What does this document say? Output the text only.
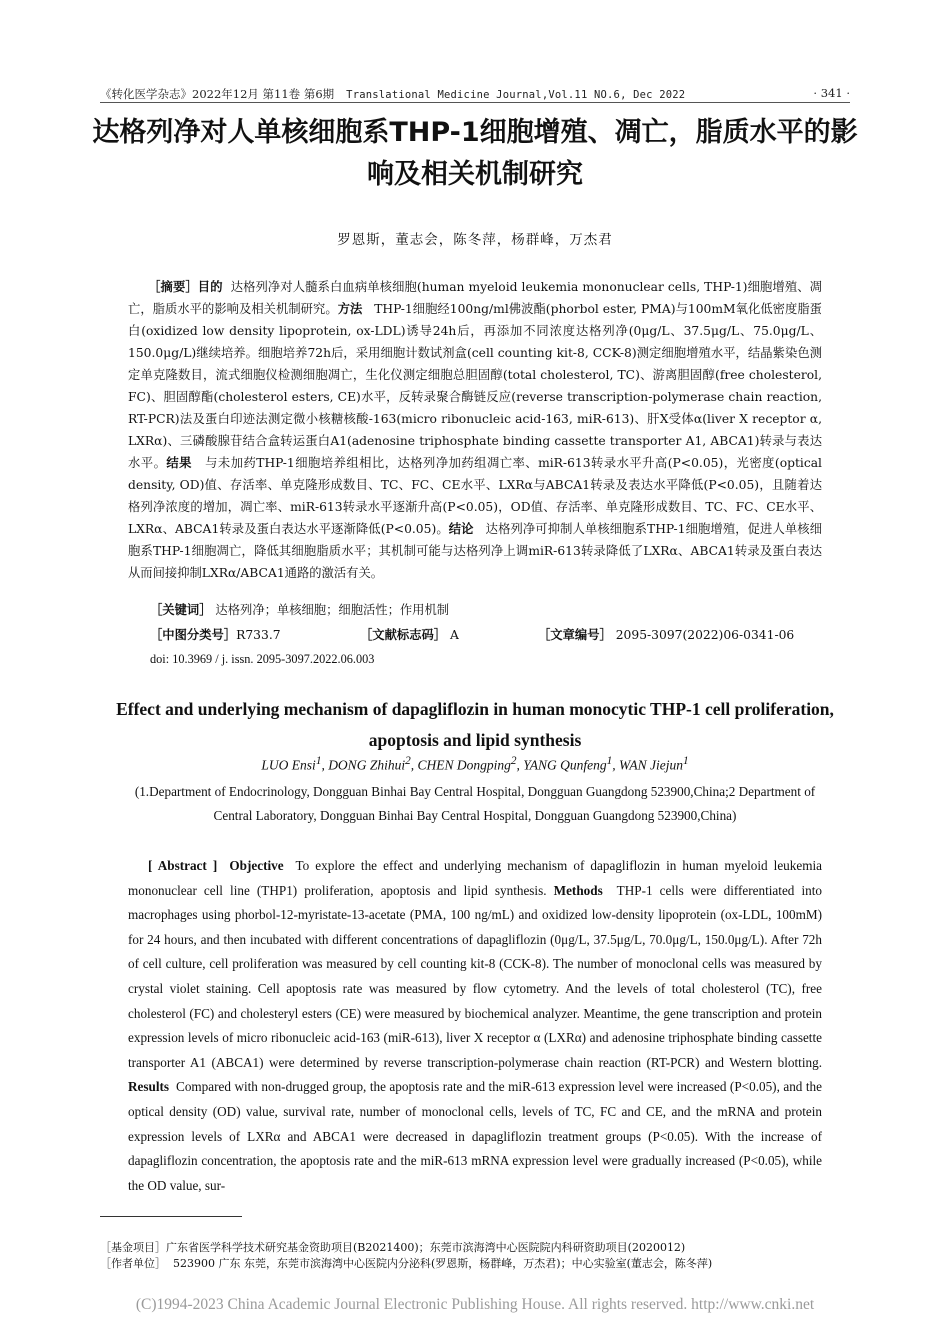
《转化医学杂志》2022年12月 第11卷 第6期 Translational Medicine Journal,Vol.11 NO.6, Dec 2022	· 341 ·
达格列净对人单核细胞系THP-1细胞增殖、凋亡，脂质水平的影响及相关机制研究
罗恩斯，董志会，陈冬萍，杨群峰，万杰君
［摘要］目的 达格列净对人髓系白血病单核细胞(human myeloid leukemia mononuclear cells, THP-1)细胞增殖、凋亡，脂质水平的影响及相关机制研究。方法 THP-1细胞经100ng/ml佛波酯(phorbol ester, PMA)与100mM氧化低密度脂蛋白(oxidized low density lipoprotein, ox-LDL)诱导24h后，再添加不同浓度达格列净(0μg/L、37.5μg/L、75.0μg/L、150.0μg/L)继续培养。细胞培养72h后，采用细胞计数试剂盒(cell counting kit-8, CCK-8)测定细胞增殖水平，结晶紫染色测定单克隆数目，流式细胞仪检测细胞凋亡，生化仪测定细胞总胆固醇(total cholesterol, TC)、游离胆固醇(free cholesterol, FC)、胆固醇酯(cholesterol esters, CE)水平，反转录聚合酶链反应(reverse transcription-polymerase chain reaction, RT-PCR)法及蛋白印迹法测定微小核糖核酸-163(micro ribonucleic acid-163, miR-613)、肝X受体α(liver X receptor α, LXRα)、三磷酸腺苷结合盒转运蛋白A1(adenosine triphosphate binding cassette transporter A1, ABCA1)转录与表达水平。结果 与未加药THP-1细胞培养组相比，达格列净加药组凋亡率、miR-613转录水平升高(P<0.05)，光密度(optical density, OD)值、存活率、单克隆形成数目、TC、FC、CE水平、LXRα与ABCA1转录及表达水平降低(P<0.05)，且随着达格列净浓度的增加，凋亡率、miR-613转录水平逐渐升高(P<0.05)，OD值、存活率、单克隆形成数目、TC、FC、CE水平、LXRα、ABCA1转录及蛋白表达水平逐渐降低(P<0.05)。结论 达格列净可抑制人单核细胞系THP-1细胞增殖，促进人单核细胞系THP-1细胞凋亡，降低其细胞脂质水平；其机制可能与达格列净上调miR-613转录降低了LXRα、ABCA1转录及蛋白表达从而间接抑制LXRα/ABCA1通路的激活有关。
［关键词］ 达格列净；单核细胞；细胞活性；作用机制
［中图分类号］R733.7	［文献标志码］ A	［文章编号］ 2095-3097(2022)06-0341-06
doi: 10.3969 / j. issn. 2095-3097.2022.06.003
Effect and underlying mechanism of dapagliflozin in human monocytic THP-1 cell proliferation, apoptosis and lipid synthesis
LUO Ensi$^1$, DONG Zhihui$^2$, CHEN Dongping$^2$, YANG Qunfeng$^1$, WAN Jiejun$^1$
(1.Department of Endocrinology, Dongguan Binhai Bay Central Hospital, Dongguan Guangdong 523900,China;2 Department of Central Laboratory, Dongguan Binhai Bay Central Hospital, Dongguan Guangdong 523900,China)
[ Abstract ] Objective To explore the effect and underlying mechanism of dapagliflozin in human myeloid leukemia mononuclear cell line (THP1) proliferation, apoptosis and lipid synthesis. Methods THP-1 cells were differentiated into macrophages using phorbol-12-myristate-13-acetate (PMA, 100 ng/mL) and oxidized low-density lipoprotein (ox-LDL, 100mM) for 24 hours, and then incubated with different concentrations of dapagliflozin (0μg/L, 37.5μg/L, 70.0μg/L, 150.0μg/L). After 72h of cell culture, cell proliferation was measured by cell counting kit-8 (CCK-8). The number of monoclonal cells was measured by crystal violet staining. Cell apoptosis rate was measured by flow cytometry. And the levels of total cholesterol (TC), free cholesterol (FC) and cholesteryl esters (CE) were measured by biochemical analyzer. Meantime, the gene transcription and protein expression levels of micro ribonucleic acid-163 (miR-613), liver X receptor α (LXRα) and adenosine triphosphate binding cassette transporter A1 (ABCA1) were determined by reverse transcription-polymerase chain reaction (RT-PCR) and Western blotting. Results Compared with non-drugged group, the apoptosis rate and the miR-613 expression level were increased (P<0.05), and the optical density (OD) value, survival rate, number of monoclonal cells, levels of TC, FC and CE, and the mRNA and protein expression levels of LXRα and ABCA1 were decreased in dapagliflozin treatment groups (P<0.05). With the increase of dapagliflozin concentration, the apoptosis rate and the miR-613 mRNA expression level were gradually increased (P<0.05), while the OD value, sur-
［基金项目］广东省医学科学技术研究基金资助项目(B2021400)；东莞市滨海湾中心医院院内科研资助项目(2020012)
［作者单位］ 523900 广东 东莞，东莞市滨海湾中心医院内分泌科(罗恩斯，杨群峰，万杰君)；中心实验室(董志会，陈冬萍)
(C)1994-2023 China Academic Journal Electronic Publishing House. All rights reserved. http://www.cnki.net
